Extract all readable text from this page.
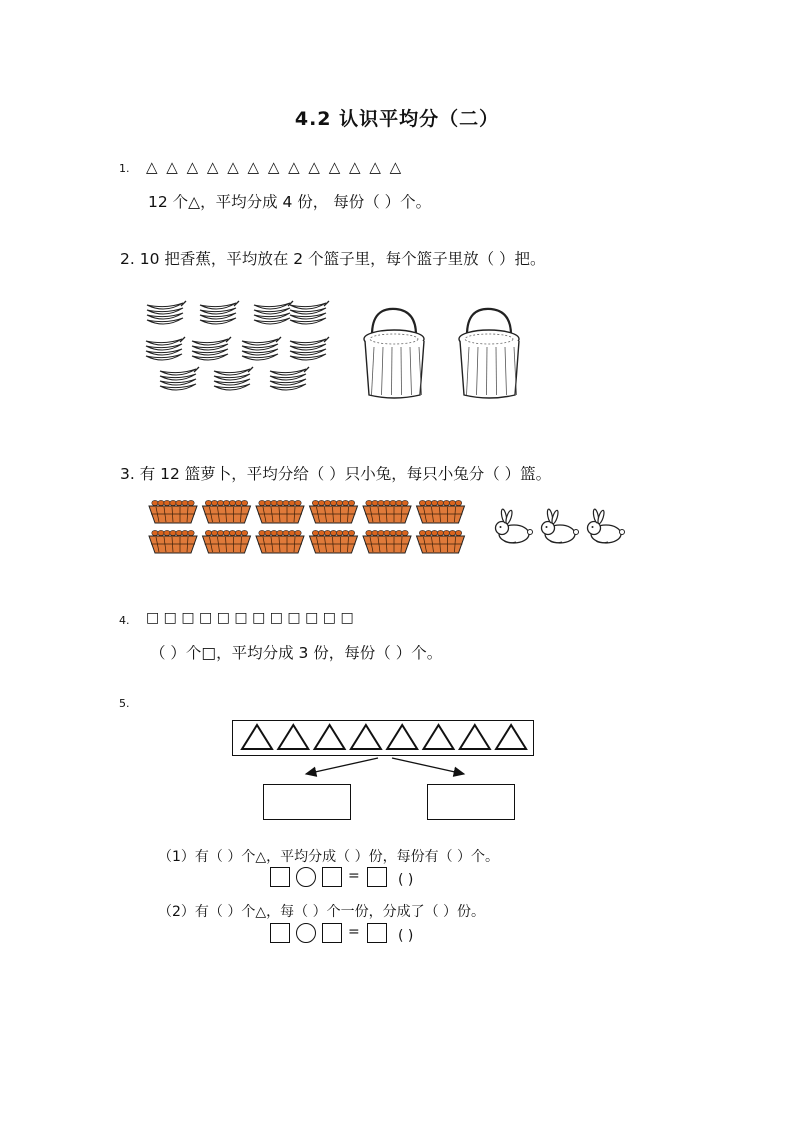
4.2 认识平均分（二）
1. △ △ △ △ △ △ △ △ △ △ △ △ △
12 个△，平均分成 4 份， 每份（ ）个。
2. 10 把香蕉，平均放在 2 个篮子里，每个篮子里放（ ）把。
3. 有 12 篮萝卜，平均分给（ ）只小兔，每只小兔分（ ）篮。
4. □ □ □ □ □ □ □ □ □ □ □ □
（ ）个□，平均分成 3 份，每份（ ）个。
5.
（1）有（ ）个△，平均分成（ ）份，每份有（ ）个。
=	( )
（2）有（ ）个△，每（ ）个一份，分成了（ ）份。
=	( )
